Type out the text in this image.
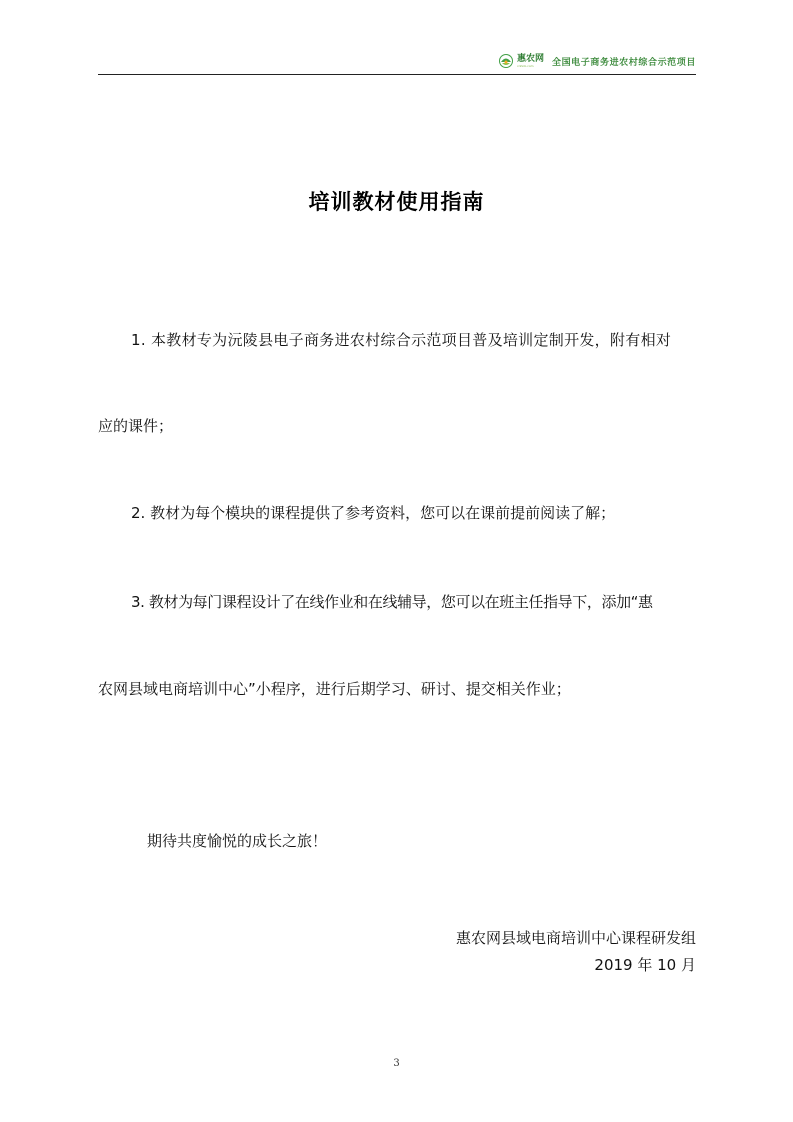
惠农网
cnhnb.com	全国电子商务进农村综合示范项目
培训教材使用指南
1. 本教材专为沅陵县电子商务进农村综合示范项目普及培训定制开发，附有相对
应的课件；
2. 教材为每个模块的课程提供了参考资料，您可以在课前提前阅读了解；
3. 教材为每门课程设计了在线作业和在线辅导，您可以在班主任指导下，添加“惠
农网县域电商培训中心”小程序，进行后期学习、研讨、提交相关作业；
期待共度愉悦的成长之旅！
惠农网县域电商培训中心课程研发组
2019 年 10 月
3
